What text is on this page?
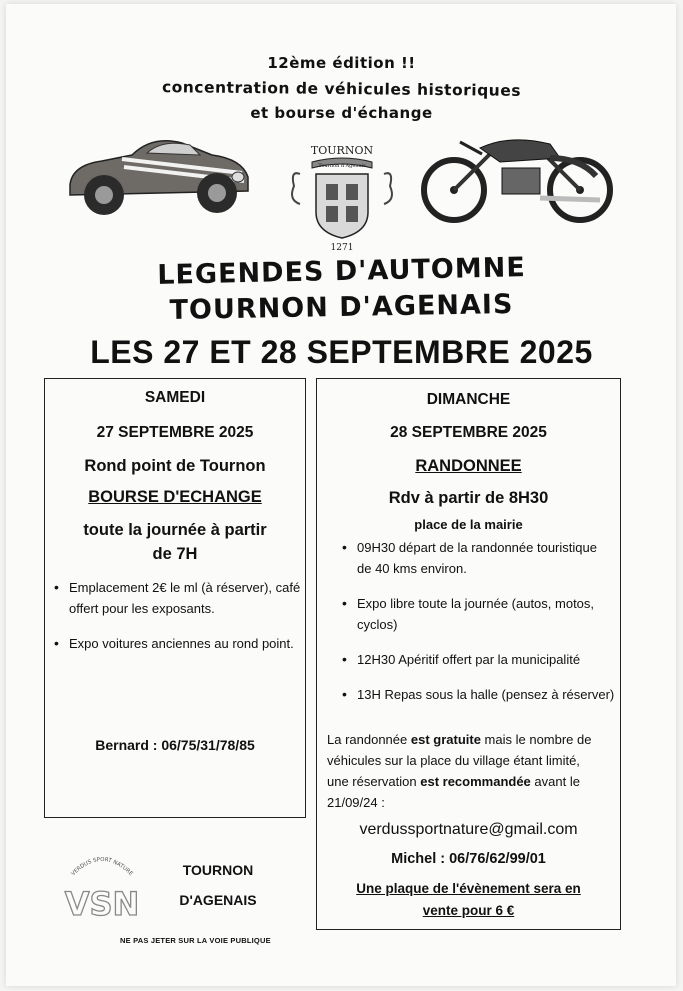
12ème édition !!
concentration de véhicules historiques
et bourse d'échange
TOURNON
Tournon d'Agenais
1271
LEGENDES D'AUTOMNE
TOURNON D'AGENAIS
LES 27 ET 28 SEPTEMBRE 2025
SAMEDI
27 SEPTEMBRE 2025
Rond point de Tournon
BOURSE D'ECHANGE
toute la journée à partir
de 7H
• Emplacement 2€ le ml (à réserver), café offert pour les exposants.
• Expo voitures anciennes au rond point.
Bernard : 06/75/31/78/85
DIMANCHE
28 SEPTEMBRE 2025
RANDONNEE
Rdv à partir de 8H30
place de la mairie
• 09H30 départ de la randonnée touristique de 40 kms environ.
• Expo libre toute la journée (autos, motos, cyclos)
• 12H30 Apéritif offert par la municipalité
• 13H Repas sous la halle (pensez à réserver)
La randonnée est gratuite mais le nombre de véhicules sur la place du village étant limité, une réservation est recommandée avant le 21/09/24 :
verdussportnature@gmail.com
Michel : 06/76/62/99/01
Une plaque de l'évènement sera en
vente pour 6 €
VERDUS SPORT NATURE
VSN
TOURNON
D'AGENAIS
NE PAS JETER SUR LA VOIE PUBLIQUE
